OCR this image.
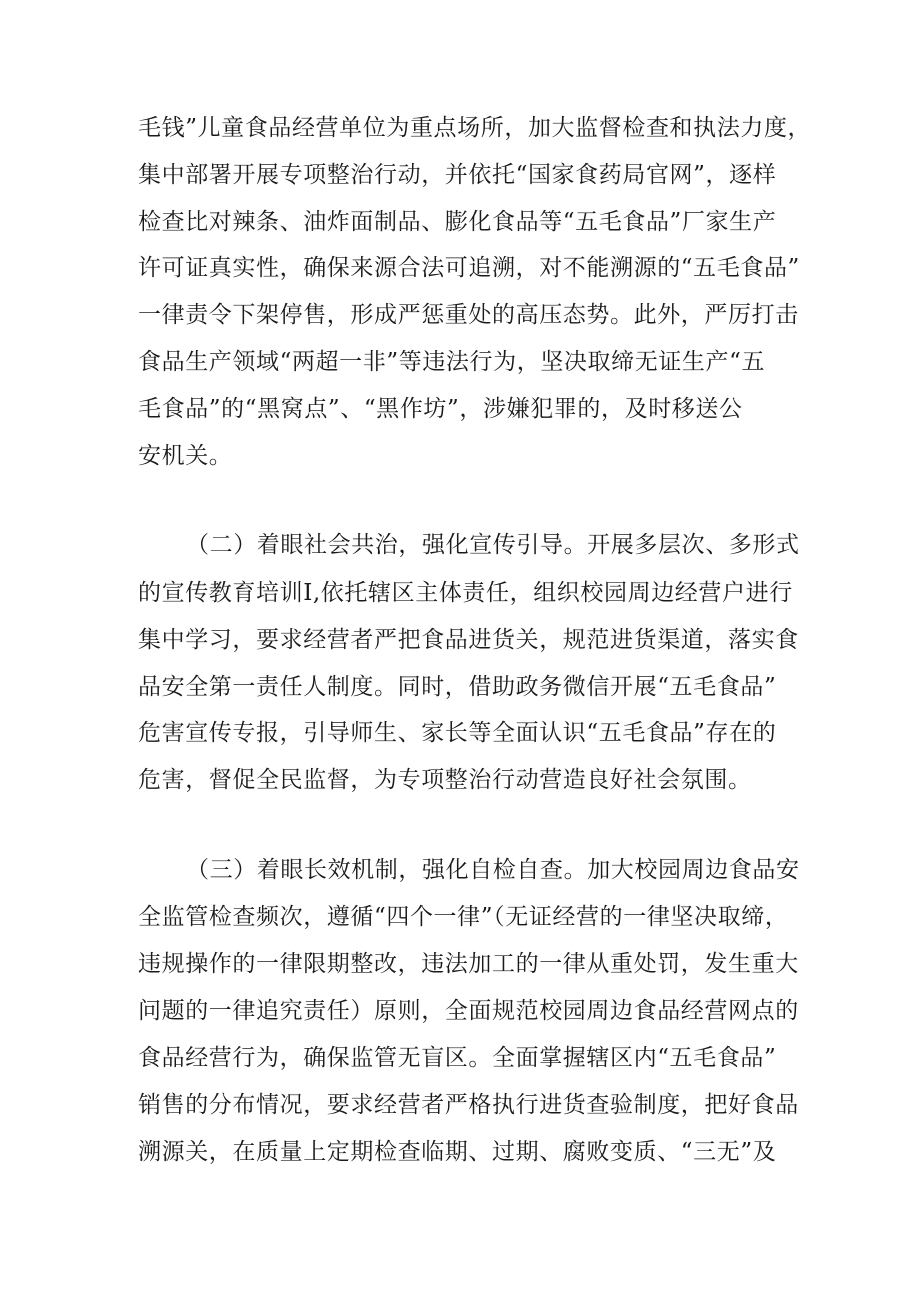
毛钱”儿童食品经营单位为重点场所，加大监督检查和执法力度，

集中部署开展专项整治行动，并依托“国家食药局官网”，逐样

检查比对辣条、油炸面制品、膨化食品等“五毛食品”厂家生产

许可证真实性，确保来源合法可追溯，对不能溯源的“五毛食品”

一律责令下架停售，形成严惩重处的高压态势。此外，严厉打击

食品生产领域“两超一非”等违法行为，坚决取缔无证生产“五

毛食品”的“黑窝点”、“黑作坊”，涉嫌犯罪的，及时移送公

安机关。

（二）着眼社会共治，强化宣传引导。开展多层次、多形式

的宣传教育培训I,依托辖区主体责任，组织校园周边经营户进行

集中学习，要求经营者严把食品进货关，规范进货渠道，落实食

品安全第一责任人制度。同时，借助政务微信开展“五毛食品”

危害宣传专报，引导师生、家长等全面认识“五毛食品”存在的

危害，督促全民监督，为专项整治行动营造良好社会氛围。

（三）着眼长效机制，强化自检自查。加大校园周边食品安

全监管检查频次，遵循“四个一律”（无证经营的一律坚决取缔，

违规操作的一律限期整改，违法加工的一律从重处罚，发生重大

问题的一律追究责任）原则，全面规范校园周边食品经营网点的

食品经营行为，确保监管无盲区。全面掌握辖区内“五毛食品”

销售的分布情况，要求经营者严格执行进货查验制度，把好食品

溯源关，在质量上定期检查临期、过期、腐败变质、“三无”及
